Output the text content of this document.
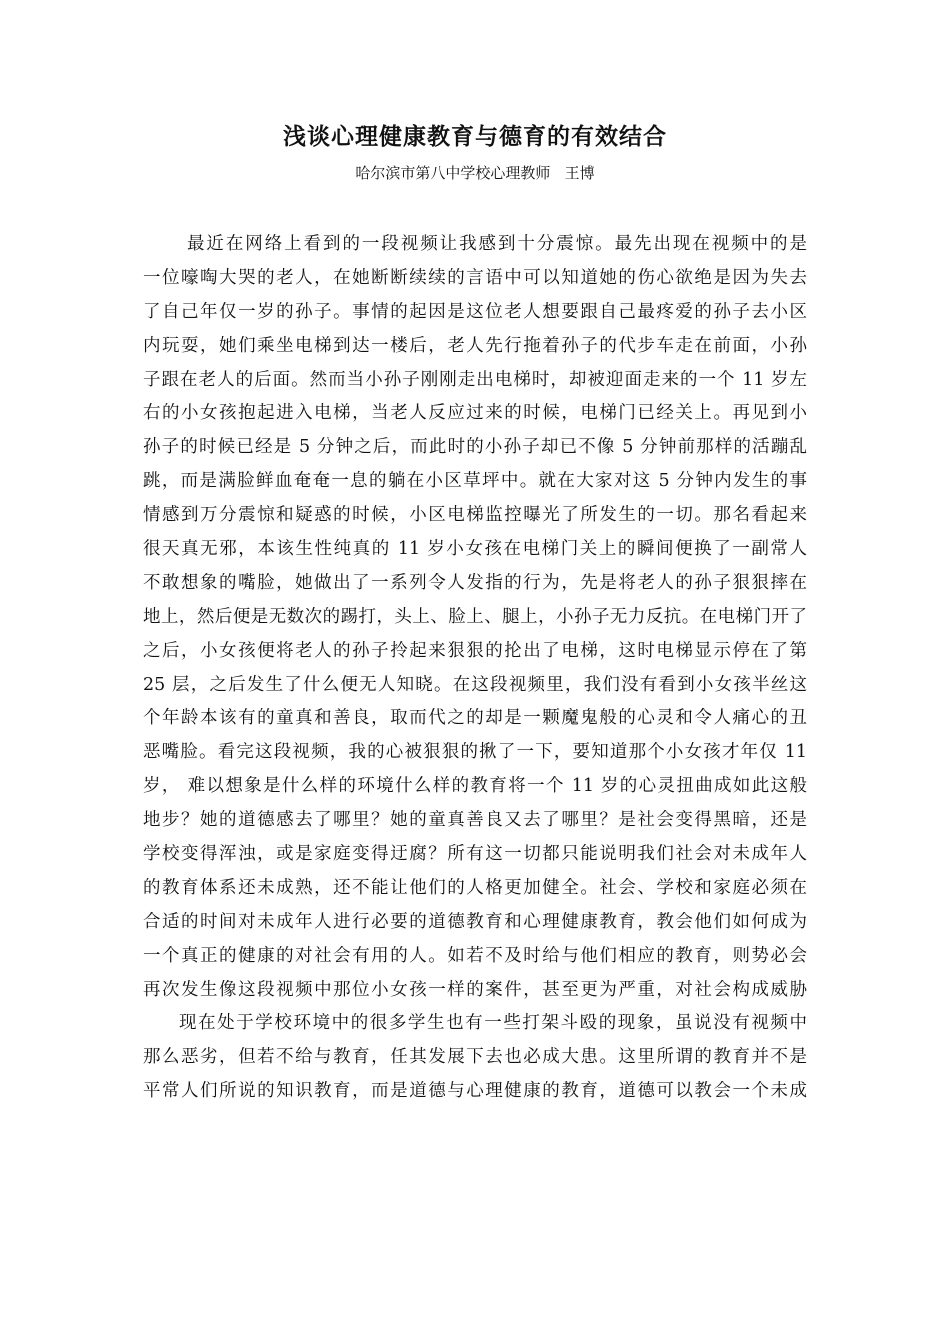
浅谈心理健康教育与德育的有效结合
哈尔滨市第八中学校心理教师   王博
最近在网络上看到的一段视频让我感到十分震惊。最先出现在视频中的是
一位嚎啕大哭的老人，在她断断续续的言语中可以知道她的伤心欲绝是因为失去
了自己年仅一岁的孙子。事情的起因是这位老人想要跟自己最疼爱的孙子去小区
内玩耍，她们乘坐电梯到达一楼后，老人先行拖着孙子的代步车走在前面，小孙
子跟在老人的后面。然而当小孙子刚刚走出电梯时，却被迎面走来的一个 11 岁左
右的小女孩抱起进入电梯，当老人反应过来的时候，电梯门已经关上。再见到小
孙子的时候已经是 5 分钟之后，而此时的小孙子却已不像 5 分钟前那样的活蹦乱
跳，而是满脸鲜血奄奄一息的躺在小区草坪中。就在大家对这 5 分钟内发生的事
情感到万分震惊和疑惑的时候，小区电梯监控曝光了所发生的一切。那名看起来
很天真无邪，本该生性纯真的 11 岁小女孩在电梯门关上的瞬间便换了一副常人
不敢想象的嘴脸，她做出了一系列令人发指的行为，先是将老人的孙子狠狠摔在
地上，然后便是无数次的踢打，头上、脸上、腿上，小孙子无力反抗。在电梯门开了
之后，小女孩便将老人的孙子拎起来狠狠的抡出了电梯，这时电梯显示停在了第
25 层，之后发生了什么便无人知晓。在这段视频里，我们没有看到小女孩半丝这
个年龄本该有的童真和善良，取而代之的却是一颗魔鬼般的心灵和令人痛心的丑
恶嘴脸。看完这段视频，我的心被狠狠的揪了一下，要知道那个小女孩才年仅 11
岁， 难以想象是什么样的环境什么样的教育将一个 11 岁的心灵扭曲成如此这般
地步？她的道德感去了哪里？她的童真善良又去了哪里？是社会变得黑暗，还是
学校变得浑浊，或是家庭变得迂腐？所有这一切都只能说明我们社会对未成年人
的教育体系还未成熟，还不能让他们的人格更加健全。社会、学校和家庭必须在
合适的时间对未成年人进行必要的道德教育和心理健康教育，教会他们如何成为
一个真正的健康的对社会有用的人。如若不及时给与他们相应的教育，则势必会
再次发生像这段视频中那位小女孩一样的案件，甚至更为严重，对社会构成威胁
现在处于学校环境中的很多学生也有一些打架斗殴的现象，虽说没有视频中
那么恶劣，但若不给与教育，任其发展下去也必成大患。这里所谓的教育并不是
平常人们所说的知识教育，而是道德与心理健康的教育，道德可以教会一个未成
